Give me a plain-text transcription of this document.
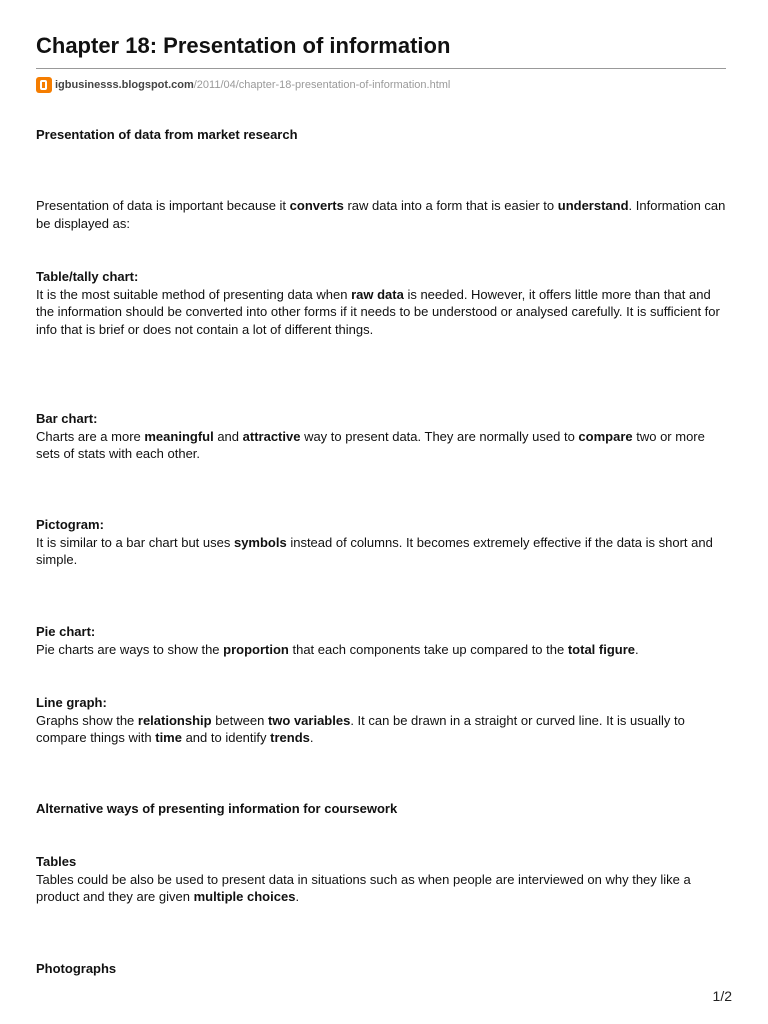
Chapter 18: Presentation of information
igbusinesss.blogspot.com /2011/04/chapter-18-presentation-of-information.html

Presentation of data from market research

Presentation of data is important because it converts raw data into a form that is easier to understand. Information can be displayed as:

Table/tally chart:
It is the most suitable method of presenting data when raw data is needed. However, it offers little more than that and the information should be converted into other forms if it needs to be understood or analysed carefully. It is sufficient for info that is brief or does not contain a lot of different things.
Bar chart:
Charts are a more meaningful and attractive way to present data. They are normally used to compare two or more sets of stats with each other.
Pictogram:
It is similar to a bar chart but uses symbols instead of columns. It becomes extremely effective if the data is short and simple.
Pie chart:
Pie charts are ways to show the proportion that each components take up compared to the total figure.
Line graph:
Graphs show the relationship between two variables. It can be drawn in a straight or curved line. It is usually to compare things with time and to identify trends.

Alternative ways of presenting information for coursework

Tables
Tables could be also be used to present data in situations such as when people are interviewed on why they like a product and they are given multiple choices.

Photographs

1/2
